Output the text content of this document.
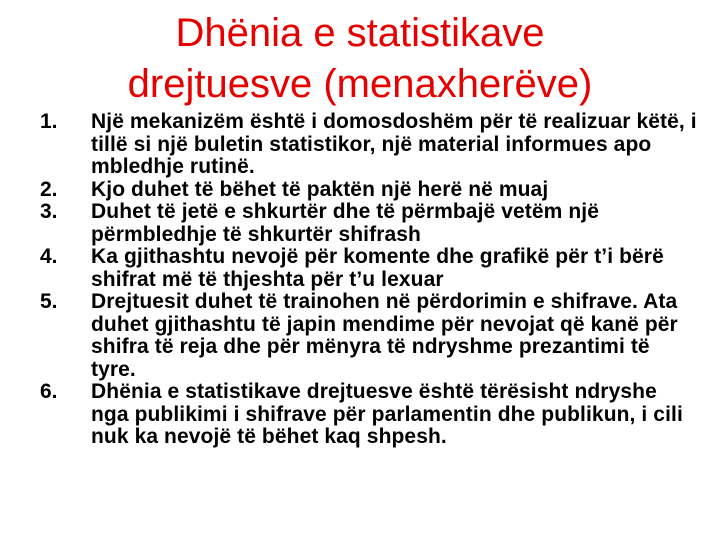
Dhënia e statistikave
drejtuesve (menaxherëve)
1.	Një mekanizëm është i domosdoshëm për të realizuar këtë, i tillë si një buletin statistikor, një material informues apo mbledhje rutinë.
2.	Kjo duhet të bëhet të paktën një herë në muaj
3.	Duhet të jetë e shkurtër dhe të përmbajë vetëm një përmbledhje të shkurtër shifrash
4.	Ka gjithashtu nevojë për komente dhe grafikë për t’i bërë shifrat më të thjeshta për t’u lexuar
5.	Drejtuesit duhet të trainohen në përdorimin e shifrave. Ata duhet gjithashtu të japin mendime për nevojat që kanë për shifra të reja dhe për mënyra të ndryshme prezantimi të tyre.
6.	Dhënia e statistikave drejtuesve është tërësisht ndryshe nga publikimi i shifrave për parlamentin dhe publikun, i cili nuk ka nevojë të bëhet kaq shpesh.
